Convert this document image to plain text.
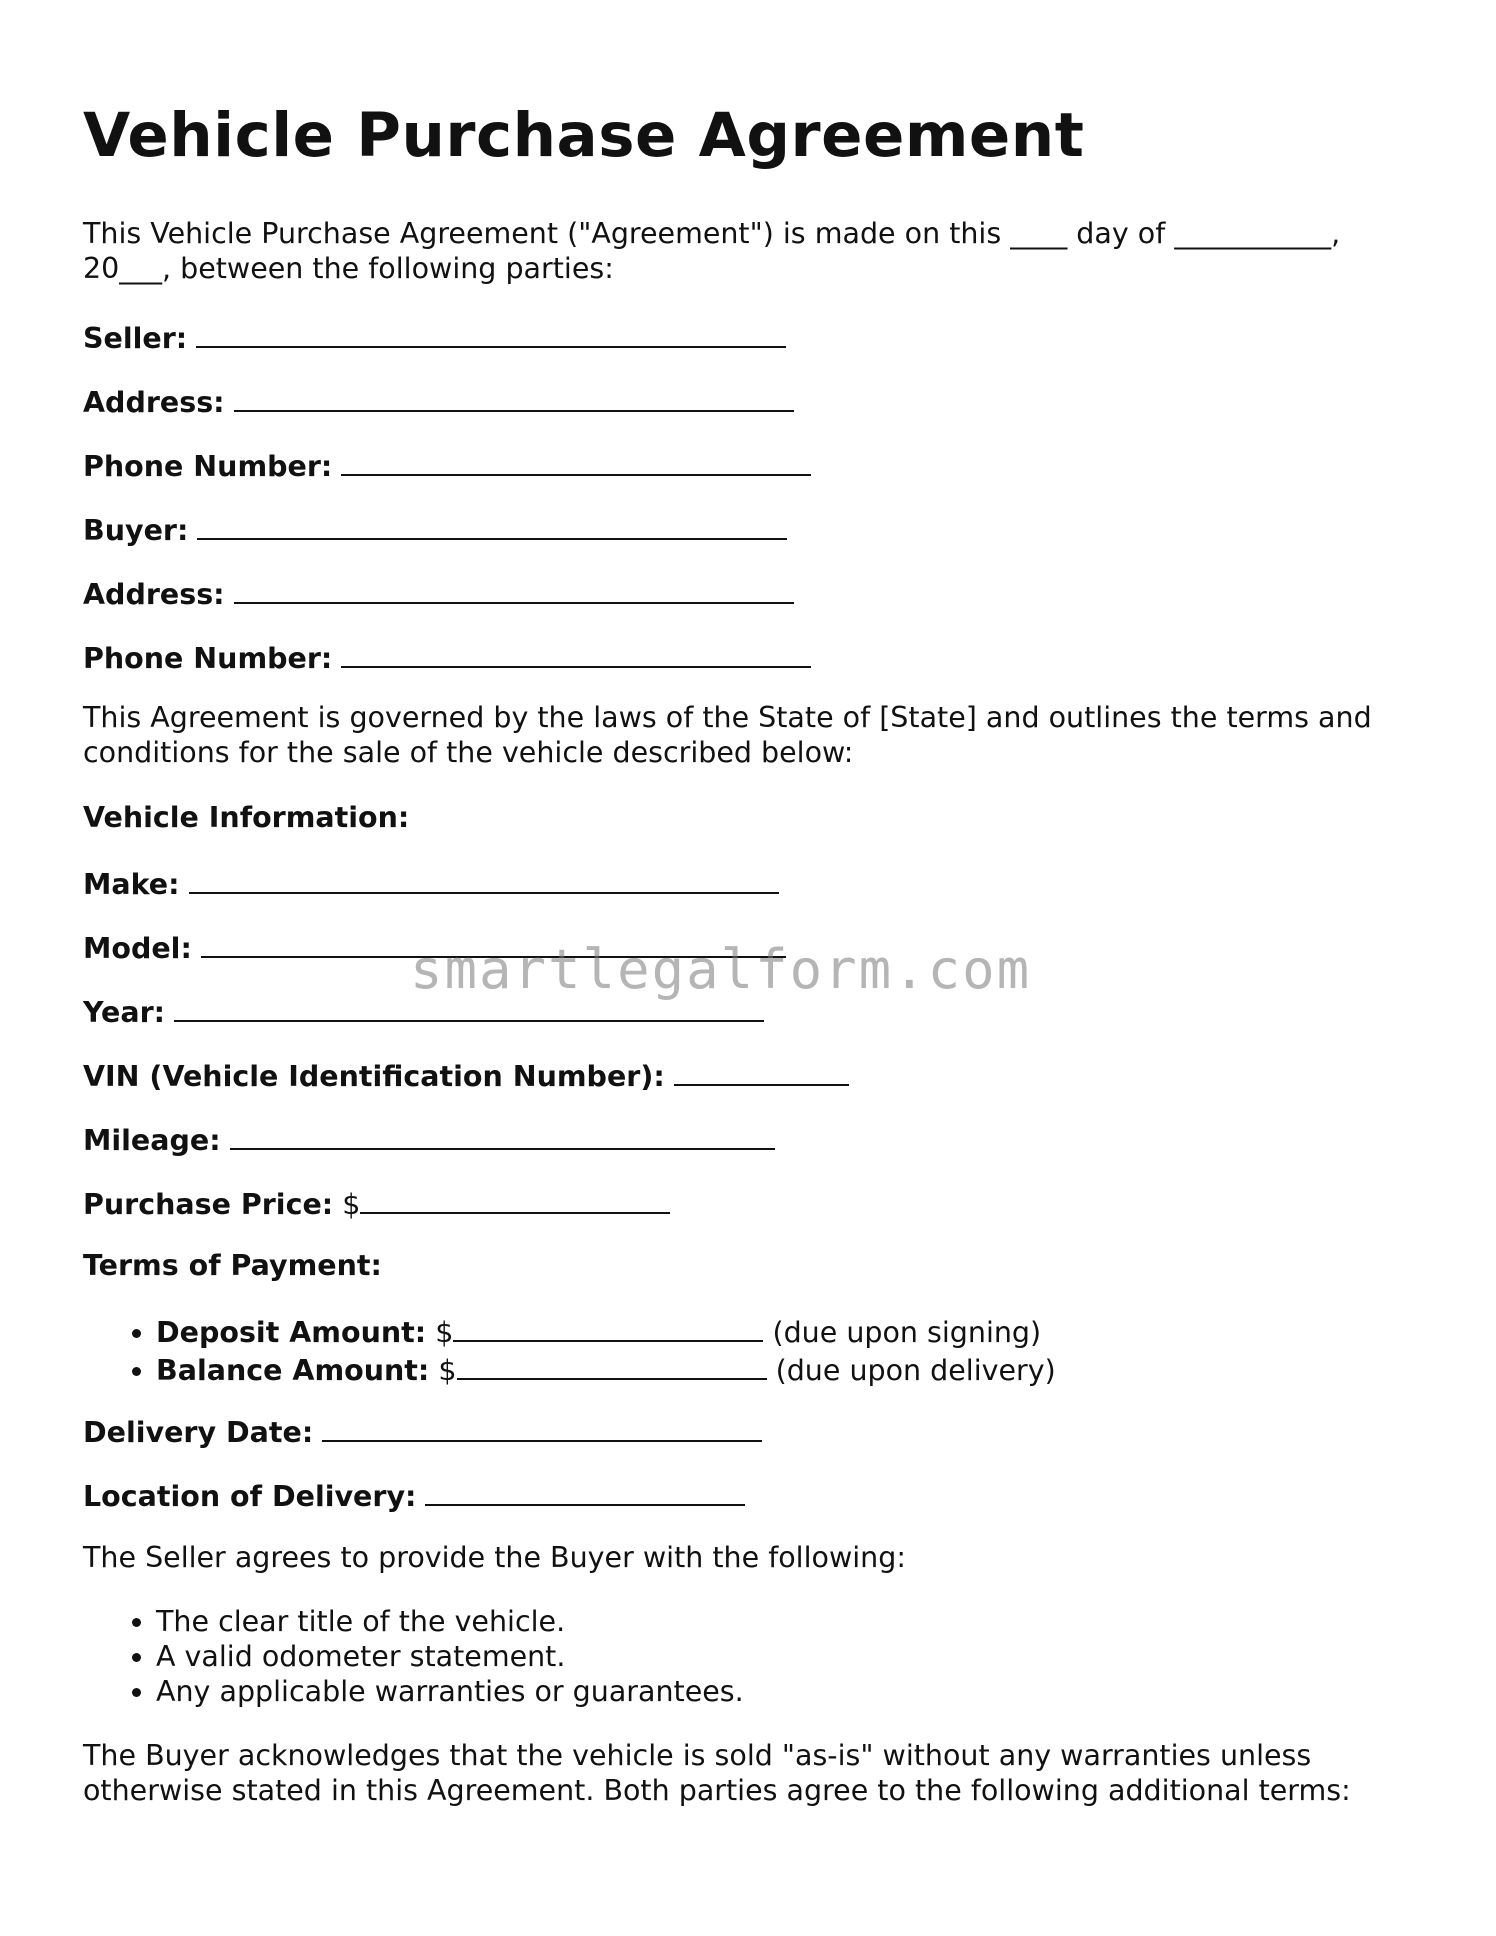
Vehicle Purchase Agreement

This Vehicle Purchase Agreement ("Agreement") is made on this ____ day of ___________,
20___, between the following parties:

Seller:

Address:

Phone Number:

Buyer:

Address:

Phone Number:

This Agreement is governed by the laws of the State of [State] and outlines the terms and
conditions for the sale of the vehicle described below:

Vehicle Information:

Make:

Model:

Year:

VIN (Vehicle Identification Number):

Mileage:

Purchase Price: $

Terms of Payment:

• Deposit Amount: $	(due upon signing)
• Balance Amount: $	(due upon delivery)

Delivery Date:

Location of Delivery:

The Seller agrees to provide the Buyer with the following:

• The clear title of the vehicle.
• A valid odometer statement.
• Any applicable warranties or guarantees.

The Buyer acknowledges that the vehicle is sold "as-is" without any warranties unless
otherwise stated in this Agreement. Both parties agree to the following additional terms:

smartlegalform.com
